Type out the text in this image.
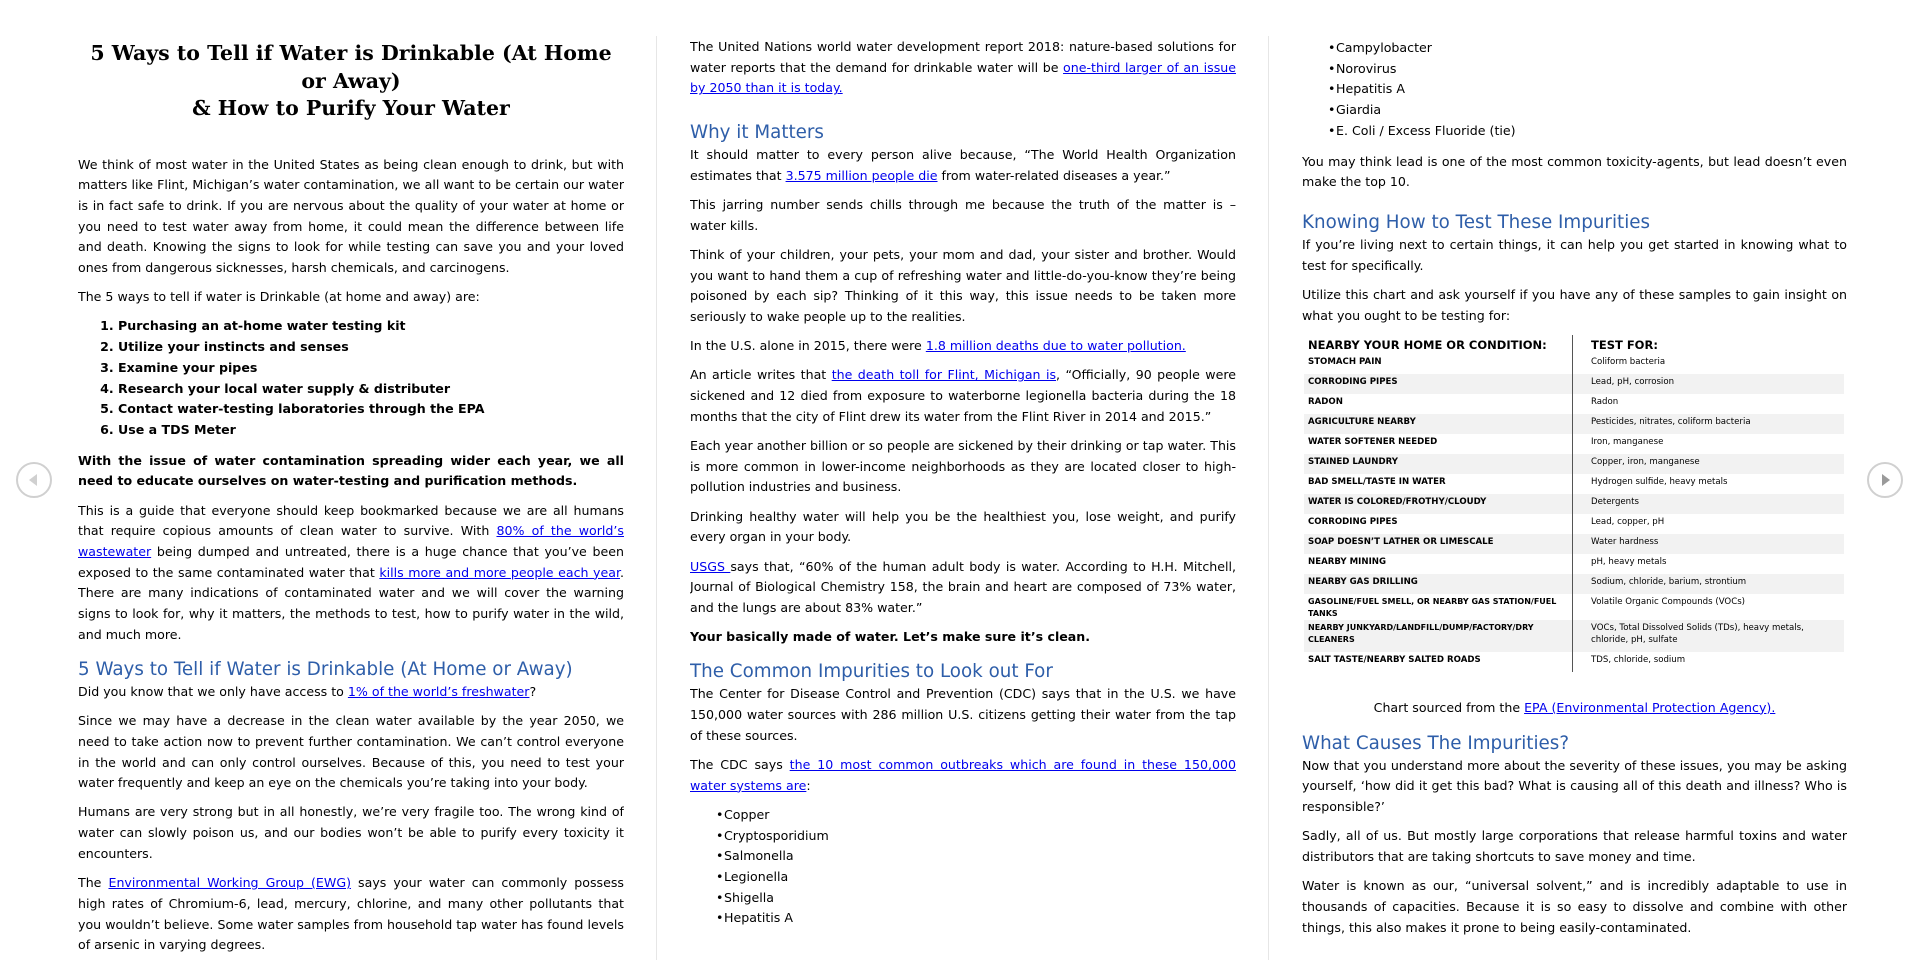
5 Ways to Tell if Water is Drinkable (At Home or Away)
& How to Purify Your Water

We think of most water in the United States as being clean enough to drink, but with matters like Flint, Michigan’s water contamination, we all want to be certain our water is in fact safe to drink. If you are nervous about the quality of your water at home or you need to test water away from home, it could mean the difference between life and death. Knowing the signs to look for while testing can save you and your loved ones from dangerous sicknesses, harsh chemicals, and carcinogens.

The 5 ways to tell if water is Drinkable (at home and away) are:

1. Purchasing an at-home water testing kit
2. Utilize your instincts and senses
3. Examine your pipes
4. Research your local water supply & distributer
5. Contact water-testing laboratories through the EPA
6. Use a TDS Meter

With the issue of water contamination spreading wider each year, we all need to educate ourselves on water-testing and purification methods.

This is a guide that everyone should keep bookmarked because we are all humans that require copious amounts of clean water to survive. With 80% of the world’s wastewater being dumped and untreated, there is a huge chance that you’ve been exposed to the same contaminated water that kills more and more people each year. There are many indications of contaminated water and we will cover the warning signs to look for, why it matters, the methods to test, how to purify water in the wild, and much more.

5 Ways to Tell if Water is Drinkable (At Home or Away)

Did you know that we only have access to 1% of the world’s freshwater?

Since we may have a decrease in the clean water available by the year 2050, we need to take action now to prevent further contamination. We can’t control everyone in the world and can only control ourselves. Because of this, you need to test your water frequently and keep an eye on the chemicals you’re taking into your body.

Humans are very strong but in all honestly, we’re very fragile too. The wrong kind of water can slowly poison us, and our bodies won’t be able to purify every toxicity it encounters.

The Environmental Working Group (EWG) says your water can commonly possess high rates of Chromium-6, lead, mercury, chlorine, and many other pollutants that you wouldn’t believe. Some water samples from household tap water has found levels of arsenic in varying degrees.

The United Nations world water development report 2018: nature-based solutions for water reports that the demand for drinkable water will be one-third larger of an issue by 2050 than it is today.

Why it Matters

It should matter to every person alive because, “The World Health Organization estimates that 3.575 million people die from water-related diseases a year.”

This jarring number sends chills through me because the truth of the matter is – water kills.

Think of your children, your pets, your mom and dad, your sister and brother. Would you want to hand them a cup of refreshing water and little-do-you-know they’re being poisoned by each sip? Thinking of it this way, this issue needs to be taken more seriously to wake people up to the realities.

In the U.S. alone in 2015, there were 1.8 million deaths due to water pollution.

An article writes that the death toll for Flint, Michigan is, “Officially, 90 people were sickened and 12 died from exposure to waterborne legionella bacteria during the 18 months that the city of Flint drew its water from the Flint River in 2014 and 2015.”

Each year another billion or so people are sickened by their drinking or tap water. This is more common in lower-income neighborhoods as they are located closer to high-pollution industries and business.

Drinking healthy water will help you be the healthiest you, lose weight, and purify every organ in your body.

USGS says that, “60% of the human adult body is water. According to H.H. Mitchell, Journal of Biological Chemistry 158, the brain and heart are composed of 73% water, and the lungs are about 83% water.”

Your basically made of water. Let’s make sure it’s clean.

The Common Impurities to Look out For

The Center for Disease Control and Prevention (CDC) says that in the U.S. we have 150,000 water sources with 286 million U.S. citizens getting their water from the tap of these sources.

The CDC says the 10 most common outbreaks which are found in these 150,000 water systems are:

• Copper
• Cryptosporidium
• Salmonella
• Legionella
• Shigella
• Hepatitis A
• Campylobacter
• Norovirus
• Hepatitis A
• Giardia
• E. Coli / Excess Fluoride (tie)

You may think lead is one of the most common toxicity-agents, but lead doesn’t even make the top 10.

Knowing How to Test These Impurities

If you’re living next to certain things, it can help you get started in knowing what to test for specifically.

Utilize this chart and ask yourself if you have any of these samples to gain insight on what you ought to be testing for:

NEARBY YOUR HOME OR CONDITION:	TEST FOR:
STOMACH PAIN	Coliform bacteria
CORRODING PIPES	Lead, pH, corrosion
RADON	Radon
AGRICULTURE NEARBY	Pesticides, nitrates, coliform bacteria
WATER SOFTENER NEEDED	Iron, manganese
STAINED LAUNDRY	Copper, iron, manganese
BAD SMELL/TASTE IN WATER	Hydrogen sulfide, heavy metals
WATER IS COLORED/FROTHY/CLOUDY	Detergents
CORRODING PIPES	Lead, copper, pH
SOAP DOESN’T LATHER OR LIMESCALE	Water hardness
NEARBY MINING	pH, heavy metals
NEARBY GAS DRILLING	Sodium, chloride, barium, strontium
GASOLINE/FUEL SMELL, OR NEARBY GAS STATION/FUEL TANKS	Volatile Organic Compounds (VOCs)
NEARBY JUNKYARD/LANDFILL/DUMP/FACTORY/DRY CLEANERS	VOCs, Total Dissolved Solids (TDs), heavy metals, chloride, pH, sulfate
SALT TASTE/NEARBY SALTED ROADS	TDS, chloride, sodium
Chart sourced from the EPA (Environmental Protection Agency).
What Causes The Impurities?

Now that you understand more about the severity of these issues, you may be asking yourself, ‘how did it get this bad? What is causing all of this death and illness? Who is responsible?’

Sadly, all of us. But mostly large corporations that release harmful toxins and water distributors that are taking shortcuts to save money and time.

Water is known as our, “universal solvent,” and is incredibly adaptable to use in thousands of capacities. Because it is so easy to dissolve and combine with other things, this also makes it prone to being easily-contaminated.
